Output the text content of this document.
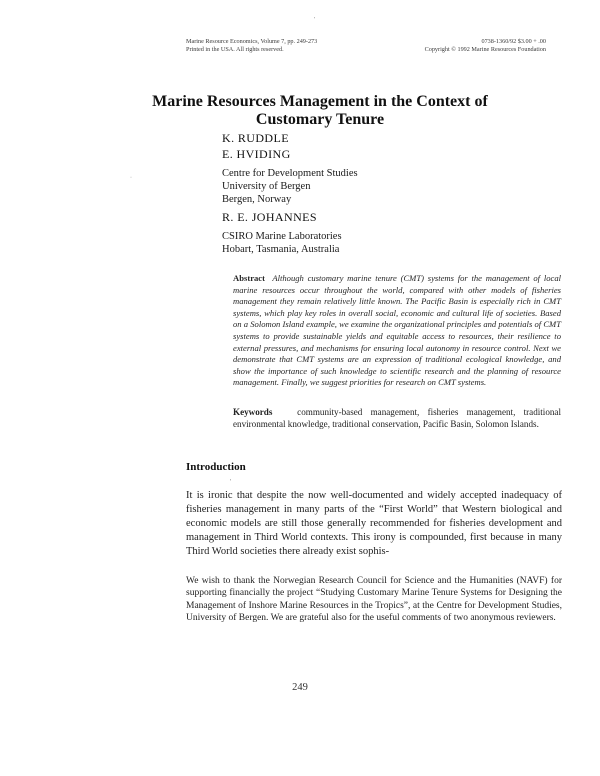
Marine Resource Economics, Volume 7, pp. 249-273
Printed in the USA. All rights reserved.
0738-1360/92 $3.00 + .00
Copyright © 1992 Marine Resources Foundation
'
·
Marine Resources Management in the Context of
Customary Tenure
K. RUDDLE
E. HVIDING
Centre for Development Studies
University of Bergen
Bergen, Norway
R. E. JOHANNES
CSIRO Marine Laboratories
Hobart, Tasmania, Australia
Abstract Although customary marine tenure (CMT) systems for the management of local marine resources occur throughout the world, compared with other models of fisheries management they remain relatively little known. The Pacific Basin is especially rich in CMT systems, which play key roles in overall social, economic and cultural life of societies. Based on a Solomon Island example, we examine the organizational principles and potentials of CMT systems to provide sustainable yields and equitable access to resources, their resilience to external pressures, and mechanisms for ensuring local autonomy in resource control. Next we demonstrate that CMT systems are an expression of traditional ecological knowledge, and show the importance of such knowledge to scientific research and the planning of resource management. Finally, we suggest priorities for research on CMT systems.
Keywords	community-based management, fisheries management, traditional environmental knowledge, traditional conservation, Pacific Basin, Solomon Islands.
Introduction
'
It is ironic that despite the now well-documented and widely accepted inadequacy of fisheries management in many parts of the “First World” that Western biological and economic models are still those generally recommended for fisheries development and management in Third World contexts. This irony is compounded, first because in many Third World societies there already exist sophis-
We wish to thank the Norwegian Research Council for Science and the Humanities (NAVF) for supporting financially the project “Studying Customary Marine Tenure Systems for Designing the Management of Inshore Marine Resources in the Tropics”, at the Centre for Development Studies, University of Bergen. We are grateful also for the useful comments of two anonymous reviewers.
249
